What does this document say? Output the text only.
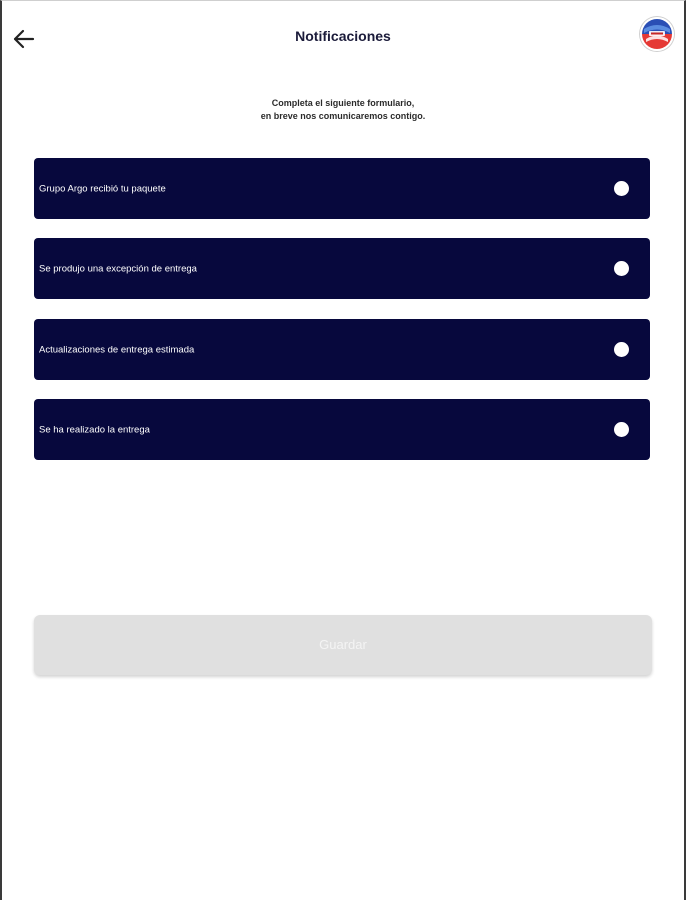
Notificaciones
Completa el siguiente formulario,
en breve nos comunicaremos contigo.
Grupo Argo recibió tu paquete
Se produjo una excepción de entrega
Actualizaciones de entrega estimada
Se ha realizado la entrega
Guardar
